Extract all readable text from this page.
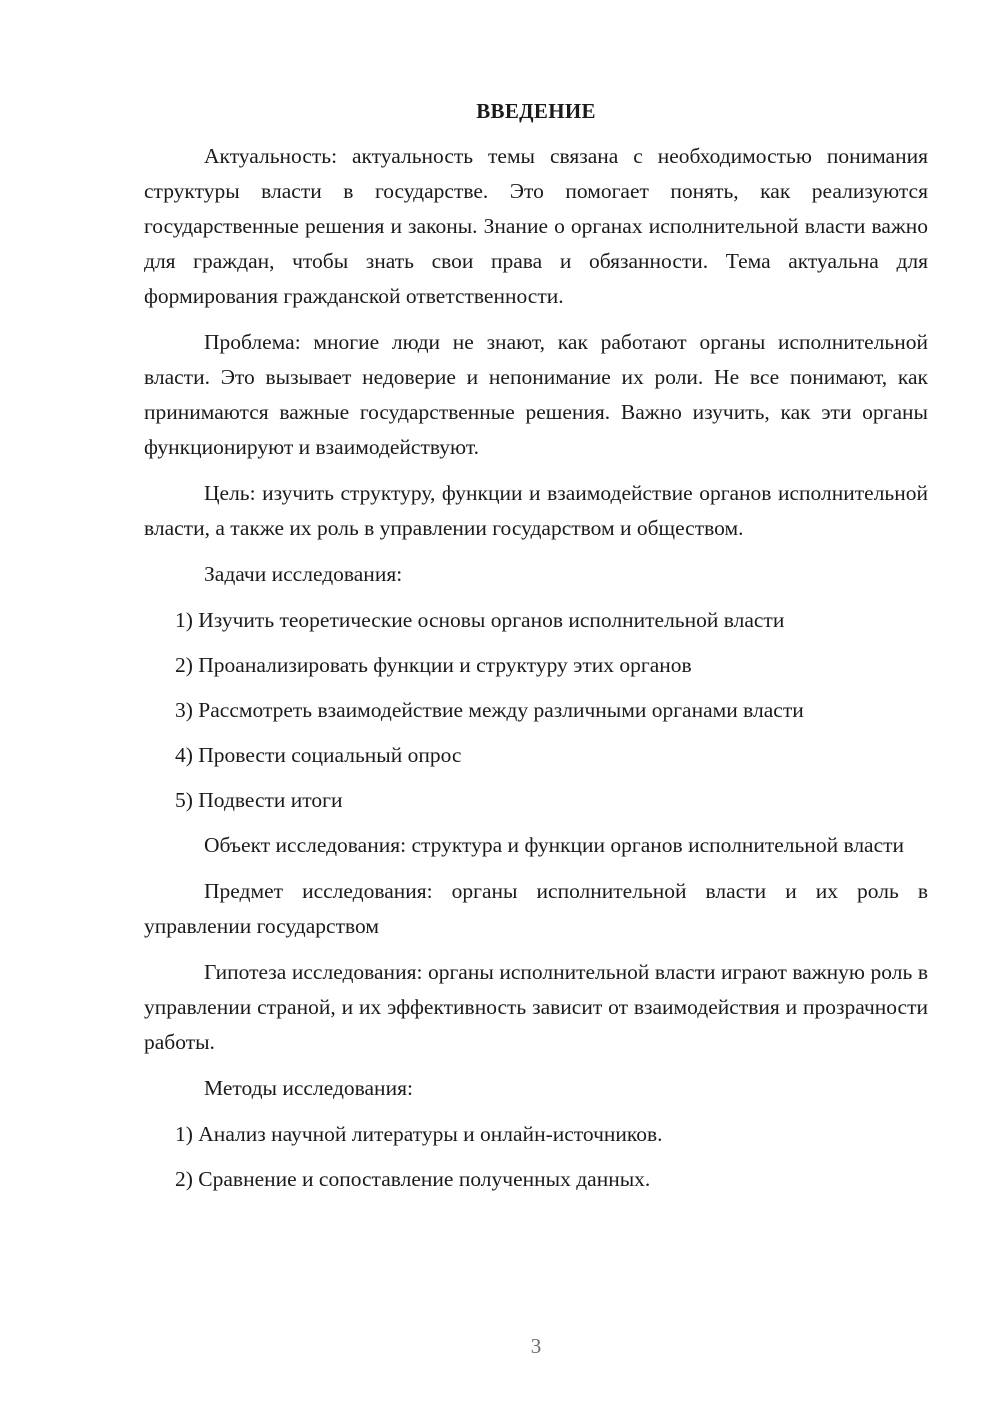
ВВЕДЕНИЕ

Актуальность: актуальность темы связана с необходимостью понимания структуры власти в государстве. Это помогает понять, как реализуются государственные решения и законы. Знание о органах исполнительной власти важно для граждан, чтобы знать свои права и обязанности. Тема актуальна для формирования гражданской ответственности.

Проблема: многие люди не знают, как работают органы исполнительной власти. Это вызывает недоверие и непонимание их роли. Не все понимают, как принимаются важные государственные решения. Важно изучить, как эти органы функционируют и взаимодействуют.

Цель: изучить структуру, функции и взаимодействие органов исполнительной власти, а также их роль в управлении государством и обществом.

Задачи исследования:

1) Изучить теоретические основы органов исполнительной власти

2) Проанализировать функции и структуру этих органов

3) Рассмотреть взаимодействие между различными органами власти

4) Провести социальный опрос

5) Подвести итоги

Объект исследования: структура и функции органов исполнительной власти

Предмет исследования: органы исполнительной власти и их роль в управлении государством

Гипотеза исследования: органы исполнительной власти играют важную роль в управлении страной, и их эффективность зависит от взаимодействия и прозрачности работы.

Методы исследования:

1) Анализ научной литературы и онлайн-источников.

2) Сравнение и сопоставление полученных данных.

3
